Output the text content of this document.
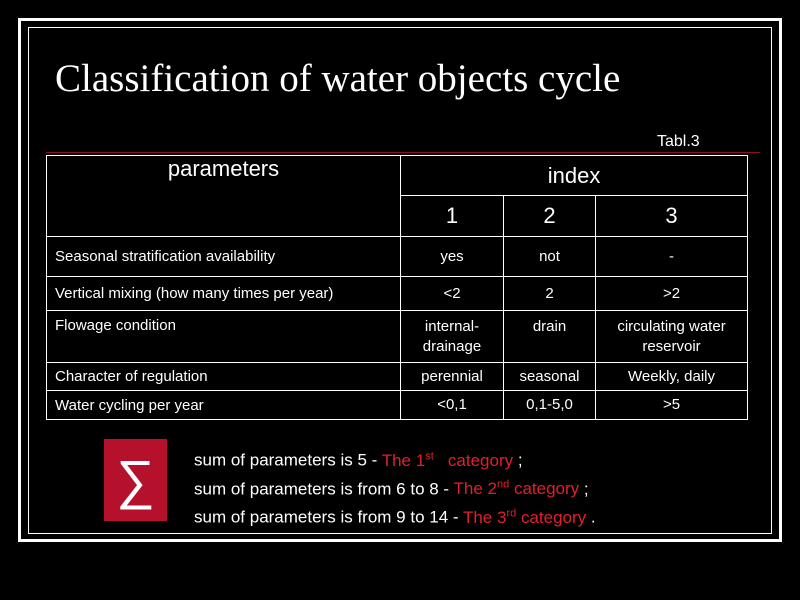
Classification of water objects cycle
Tabl.3
parameters	index		
	1	2	3
Seasonal stratification availability	yes	not	-
Vertical mixing (how many times per year)	<2	2	>2
Flowage condition	internal-drainage	drain	circulating water reservoir
Character of regulation	perennial	seasonal	Weekly, daily
Water cycling per year	<0,1	0,1-5,0	>5
∑ sum of parameters is 5 - The 1st   category ;
sum of parameters is from 6 to 8 - The 2nd category ;
sum of parameters is from 9 to 14 - The 3rd category .
